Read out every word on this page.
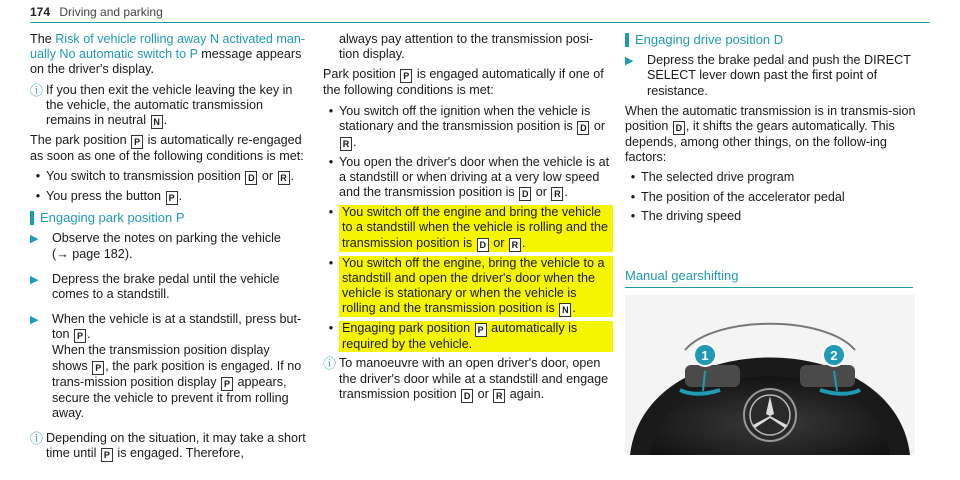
174 Driving and parking

The Risk of vehicle rolling away N activated man-ually No automatic switch to P message appears on the driver's display.

ⓘ If you then exit the vehicle leaving the key in the vehicle, the automatic transmission remains in neutral N .

The park position P is automatically re-engaged as soon as one of the following conditions is met:

• You switch to transmission position D or R .
• You press the button P .
Engaging park position P
▶	Observe the notes on parking the vehicle
(→ page 182).
▶	Depress the brake pedal until the vehicle comes to a standstill.
▶	When the vehicle is at a standstill, press but-ton P .
When the transmission position display shows P , the park position is engaged. If no trans-mission position display P appears, secure the vehicle to prevent it from rolling away.
ⓘ Depending on the situation, it may take a short time until P is engaged. Therefore,

always pay attention to the transmission posi-tion display.

Park position P is engaged automatically if one of the following conditions is met:

• You switch off the ignition when the vehicle is stationary and the transmission position is D or R .
• You open the driver's door when the vehicle is at a standstill or when driving at a very low speed and the transmission position is D or R .
• You switch off the engine and bring the vehicle to a standstill when the vehicle is rolling and the transmission position is D or R .
• You switch off the engine, bring the vehicle to a standstill and open the driver's door when the vehicle is stationary or when the vehicle is rolling and the transmission position is N .
• Engaging park position P automatically is required by the vehicle.
ⓘ To manoeuvre with an open driver's door, open the driver's door while at a standstill and engage transmission position D or R again.
Engaging drive position D
▶	Depress the brake pedal and push the DIRECT SELECT lever down past the first point of resistance.

When the automatic transmission is in transmis-sion position D , it shifts the gears automatically. This depends, among other things, on the follow-ing factors:

• The selected drive program
• The position of the accelerator pedal
• The driving speed
Manual gearshifting
1	2
